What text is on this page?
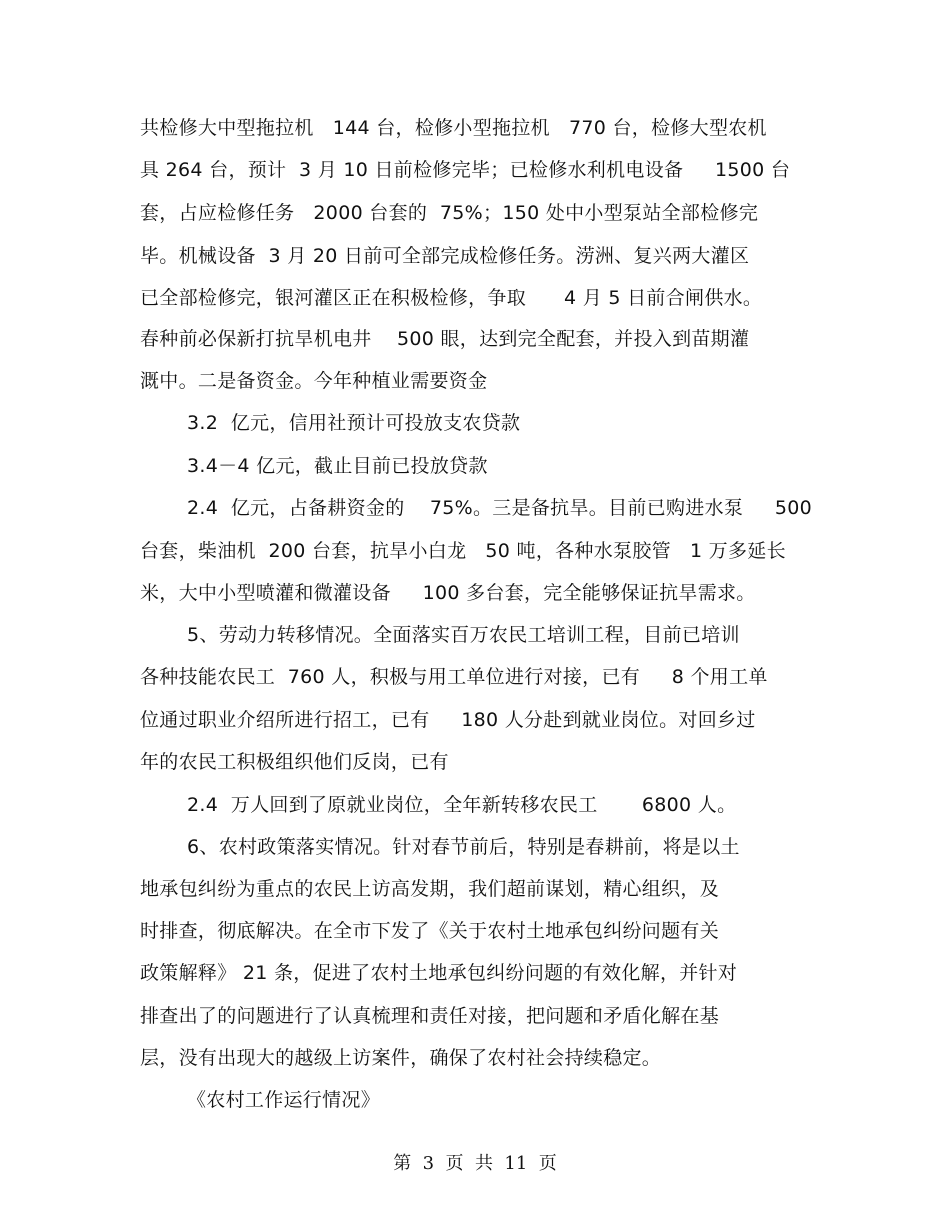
共检修大中型拖拉机   144 台，检修小型拖拉机   770 台，检修大型农机
具 264 台，预计  3 月 10 日前检修完毕；已检修水利机电设备     1500 台
套，占应检修任务   2000 台套的  75%；150 处中小型泵站全部检修完
毕。机械设备  3 月 20 日前可全部完成检修任务。涝洲、复兴两大灌区
已全部检修完，银河灌区正在积极检修，争取      4 月 5 日前合闸供水。
春种前必保新打抗旱机电井    500 眼，达到完全配套，并投入到苗期灌
溉中。二是备资金。今年种植业需要资金
3.2  亿元，信用社预计可投放支农贷款
3.4－4 亿元，截止目前已投放贷款
2.4  亿元，占备耕资金的    75%。三是备抗旱。目前已购进水泵     500
台套，柴油机  200 台套，抗旱小白龙   50 吨，各种水泵胶管   1 万多延长
米，大中小型喷灌和微灌设备     100 多台套，完全能够保证抗旱需求。
5、劳动力转移情况。全面落实百万农民工培训工程，目前已培训
各种技能农民工  760 人，积极与用工单位进行对接，已有     8 个用工单
位通过职业介绍所进行招工，已有     180 人分赴到就业岗位。对回乡过
年的农民工积极组织他们反岗，已有
2.4  万人回到了原就业岗位，全年新转移农民工       6800 人。
6、农村政策落实情况。针对春节前后，特别是春耕前，将是以土
地承包纠纷为重点的农民上访高发期，我们超前谋划，精心组织，及
时排查，彻底解决。在全市下发了《关于农村土地承包纠纷问题有关
政策解释》 21 条，促进了农村土地承包纠纷问题的有效化解，并针对
排查出了的问题进行了认真梳理和责任对接，把问题和矛盾化解在基
层，没有出现大的越级上访案件，确保了农村社会持续稳定。
《农村工作运行情况》
第  3  页  共  11  页
